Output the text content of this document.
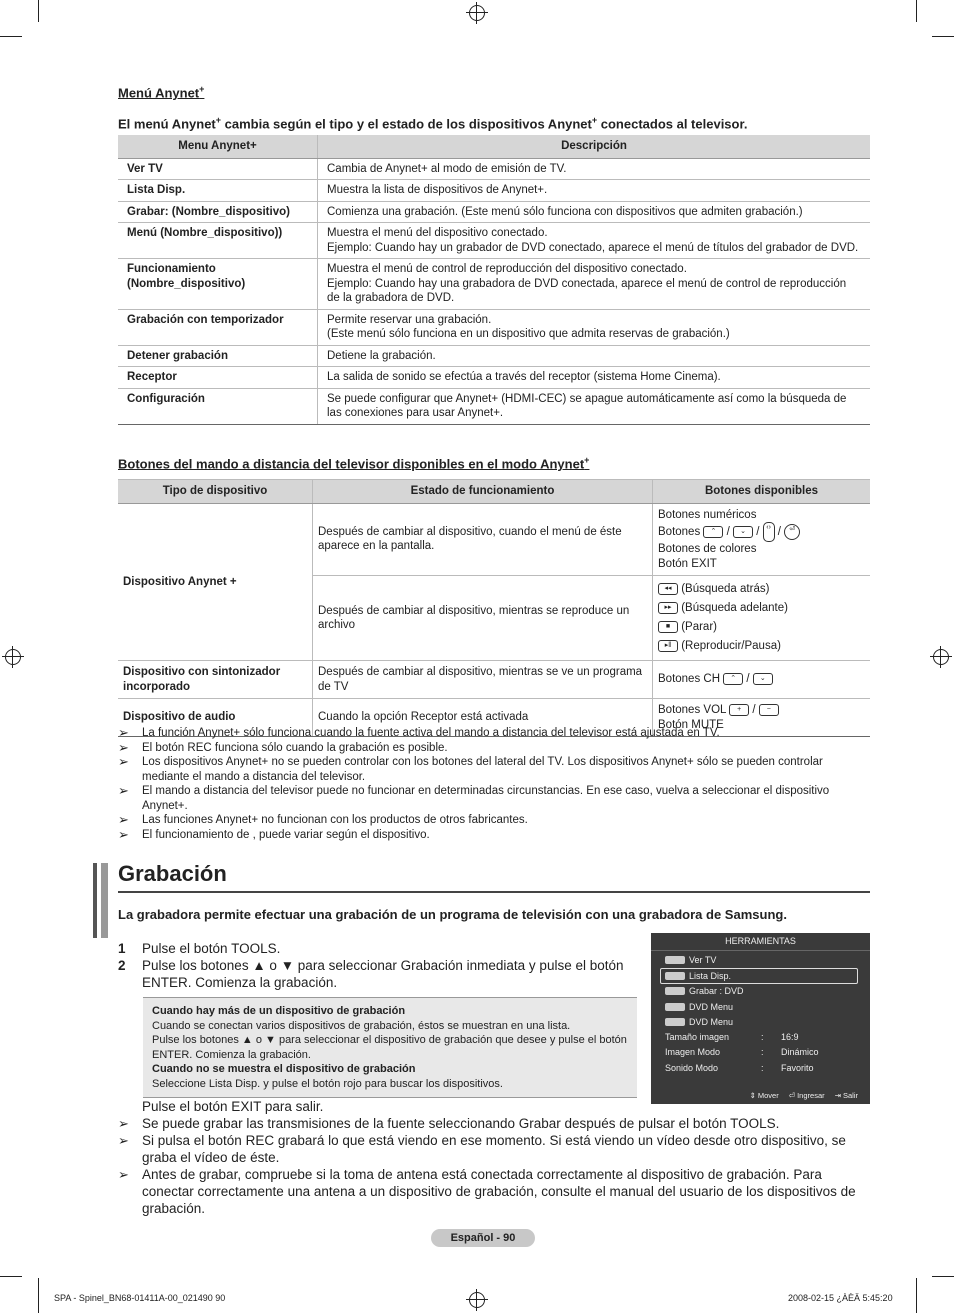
Menú Anynet+
El menú Anynet+ cambia según el tipo y el estado de los dispositivos Anynet+ conectados al televisor.
Menu Anynet+	Descripción
Ver TV	Cambia de Anynet+ al modo de emisión de TV.
Lista Disp.	Muestra la lista de dispositivos de Anynet+.
Grabar: (Nombre_dispositivo)	Comienza una grabación. (Este menú sólo funciona con dispositivos que admiten grabación.)
Menú (Nombre_dispositivo))	Muestra el menú del dispositivo conectado.
Ejemplo: Cuando hay un grabador de DVD conectado, aparece el menú de títulos del grabador de DVD.
Funcionamiento
(Nombre_dispositivo)	Muestra el menú de control de reproducción del dispositivo conectado.
Ejemplo: Cuando hay una grabadora de DVD conectada, aparece el menú de control de reproducción de la grabadora de DVD.
Grabación con temporizador	Permite reservar una grabación.
(Este menú sólo funciona en un dispositivo que admita reservas de grabación.)
Detener grabación	Detiene la grabación.
Receptor	La salida de sonido se efectúa a través del receptor (sistema Home Cinema).
Configuración	Se puede configurar que Anynet+ (HDMI-CEC) se apague automáticamente así como la búsqueda de las conexiones para usar Anynet+.
Botones del mando a distancia del televisor disponibles en el modo Anynet+
Tipo de dispositivo	Estado de funcionamiento	Botones disponibles
Dispositivo Anynet +	Después de cambiar al dispositivo, cuando el menú de éste aparece en la pantalla.	Botones numéricos
Botones ⌃ / ⌄ / ‹› / ⏎
Botones de colores
Botón EXIT

	Después de cambiar al dispositivo, mientras se reproduce un archivo	◂◂ (Búsqueda atrás)
▸▸ (Búsqueda adelante)
■ (Parar)
▸‖ (Reproducir/Pausa)

Dispositivo con sintonizador incorporado	Después de cambiar al dispositivo, mientras se ve un programa de TV	Botones CH ⌃ / ⌄
Dispositivo de audio	Cuando la opción Receptor está activada	Botones VOL + / −
Botón MUTE
➢	La función Anynet+ sólo funciona cuando la fuente activa del mando a distancia del televisor está ajustada en TV.
➢	El botón REC funciona sólo cuando la grabación es posible.
➢	Los dispositivos Anynet+ no se pueden controlar con los botones del lateral del TV. Los dispositivos Anynet+ sólo se pueden controlar mediante el mando a distancia del televisor.
➢	El mando a distancia del televisor puede no funcionar en determinadas circunstancias. En ese caso, vuelva a seleccionar el dispositivo Anynet+.
➢	Las funciones Anynet+ no funcionan con los productos de otros fabricantes.
➢	El funcionamiento de , puede variar según el dispositivo.
Grabación
La grabadora permite efectuar una grabación de un programa de televisión con una grabadora de Samsung.
1	Pulse el botón TOOLS.
2	Pulse los botones ▲ o ▼ para seleccionar Grabación inmediata y pulse el botón ENTER. Comienza la grabación.
Cuando hay más de un dispositivo de grabación
Cuando se conectan varios dispositivos de grabación, éstos se muestran en una lista.
Pulse los botones ▲ o ▼ para seleccionar el dispositivo de grabación que desee y pulse el botón ENTER. Comienza la grabación.
Cuando no se muestra el dispositivo de grabación
Seleccione Lista Disp. y pulse el botón rojo para buscar los dispositivos.
Pulse el botón EXIT para salir.
➢ Se puede grabar las transmisiones de la fuente seleccionando Grabar después de pulsar el botón TOOLS.
➢ Si pulsa el botón REC grabará lo que está viendo en ese momento. Si está viendo un vídeo desde otro dispositivo, se graba el vídeo de éste.
➢ Antes de grabar, compruebe si la toma de antena está conectada correctamente al dispositivo de grabación. Para conectar correctamente una antena a un dispositivo de grabación, consulte el manual del usuario de los dispositivos de grabación.
HERRAMIENTAS
Ver TV
Lista Disp.
Grabar : DVD
DVD Menu
DVD Menu
Tamaño imagen	:	16:9
Imagen Modo	:	Dinámico
Sonido Modo	:	Favorito
⇕ Mover ⏎ Ingresar ⇥ Salir
Español - 90
SPA - Spinel_BN68-01411A-00_021490 90	2008-02-15 ¿ÀÈÄ 5:45:20
